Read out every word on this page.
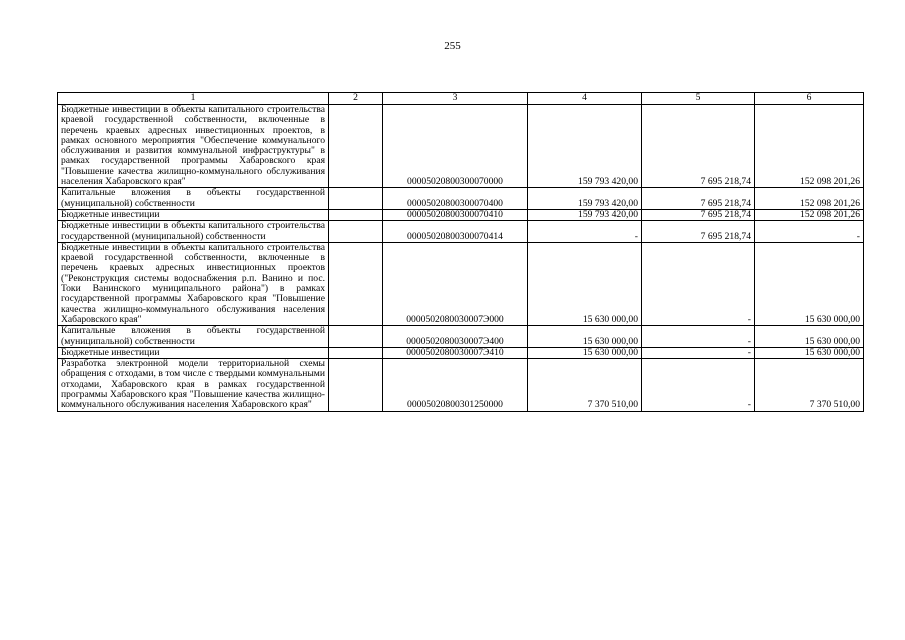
255
1	2	3	4	5	6
Бюджетные инвестиции в объекты капитального строительства краевой государственной собственности, включенные в перечень краевых адресных инвестиционных проектов, в рамках основного мероприятия "Обеспечение коммунального обслуживания и развития коммунальной инфраструктуры" в рамках государственной программы Хабаровского края "Повышение качества жилищно-коммунального обслуживания населения Хабаровского края"		00005020800300070000	159 793 420,00	7 695 218,74	152 098 201,26
Капитальные вложения в объекты государственной (муниципальной) собственности		00005020800300070400	159 793 420,00	7 695 218,74	152 098 201,26
Бюджетные инвестиции		00005020800300070410	159 793 420,00	7 695 218,74	152 098 201,26
Бюджетные инвестиции в объекты капитального строительства государственной (муниципальной) собственности		00005020800300070414	-	7 695 218,74	-
Бюджетные инвестиции в объекты капитального строительства краевой государственной собственности, включенные в перечень краевых адресных инвестиционных проектов ("Реконструкция системы водоснабжения р.п. Ванино и пос. Токи Ванинского муниципального района") в рамках государственной программы Хабаровского края "Повышение качества жилищно-коммунального обслуживания населения Хабаровского края"		0000502080030007Э000	15 630 000,00	-	15 630 000,00
Капитальные вложения в объекты государственной (муниципальной) собственности		0000502080030007Э400	15 630 000,00	-	15 630 000,00
Бюджетные инвестиции		0000502080030007Э410	15 630 000,00	-	15 630 000,00
Разработка электронной модели территориальной схемы обращения с отходами, в том числе с твердыми коммунальными отходами, Хабаровского края в рамках государственной программы Хабаровского края "Повышение качества жилищно-коммунального обслуживания населения Хабаровского края"		00005020800301250000	7 370 510,00	-	7 370 510,00
